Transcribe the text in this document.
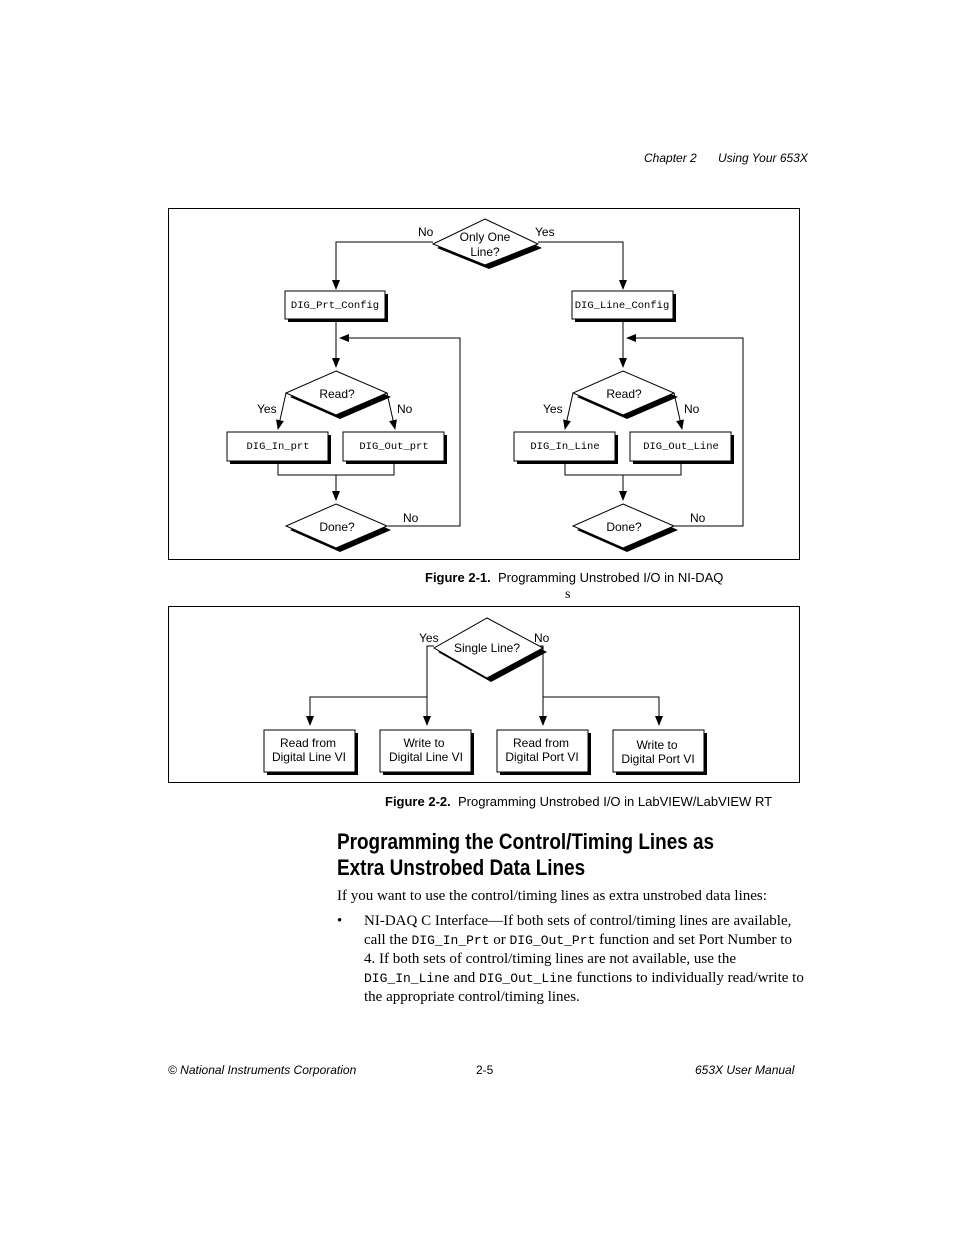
Chapter 2 Using Your 653X
Only One
Line?
No	Yes
DIG_Prt_Config
Read?
Yes	No
DIG_In_prt	DIG_Out_prt
Done?
No
DIG_Line_Config
Read?
Yes	No
DIG_In_Line	DIG_Out_Line
Done?
No
Figure 2-1. Programming Unstrobed I/O in NI-DAQ
s
Single Line?
Yes	No
Read from
Digital Line VI
Write to
Digital Line VI
Read from
Digital Port VI
Write to
Digital Port VI
Figure 2-2. Programming Unstrobed I/O in LabVIEW/LabVIEW RT
Programming the Control/Timing Lines as Extra Unstrobed Data Lines
If you want to use the control/timing lines as extra unstrobed data lines:
•	NI-DAQ C Interface—If both sets of control/timing lines are available, call the DIG_In_Prt or DIG_Out_Prt function and set Port Number to 4. If both sets of control/timing lines are not available, use the DIG_In_Line and DIG_Out_Line functions to individually read/write to the appropriate control/timing lines.
© National Instruments Corporation	2-5	653X User Manual
